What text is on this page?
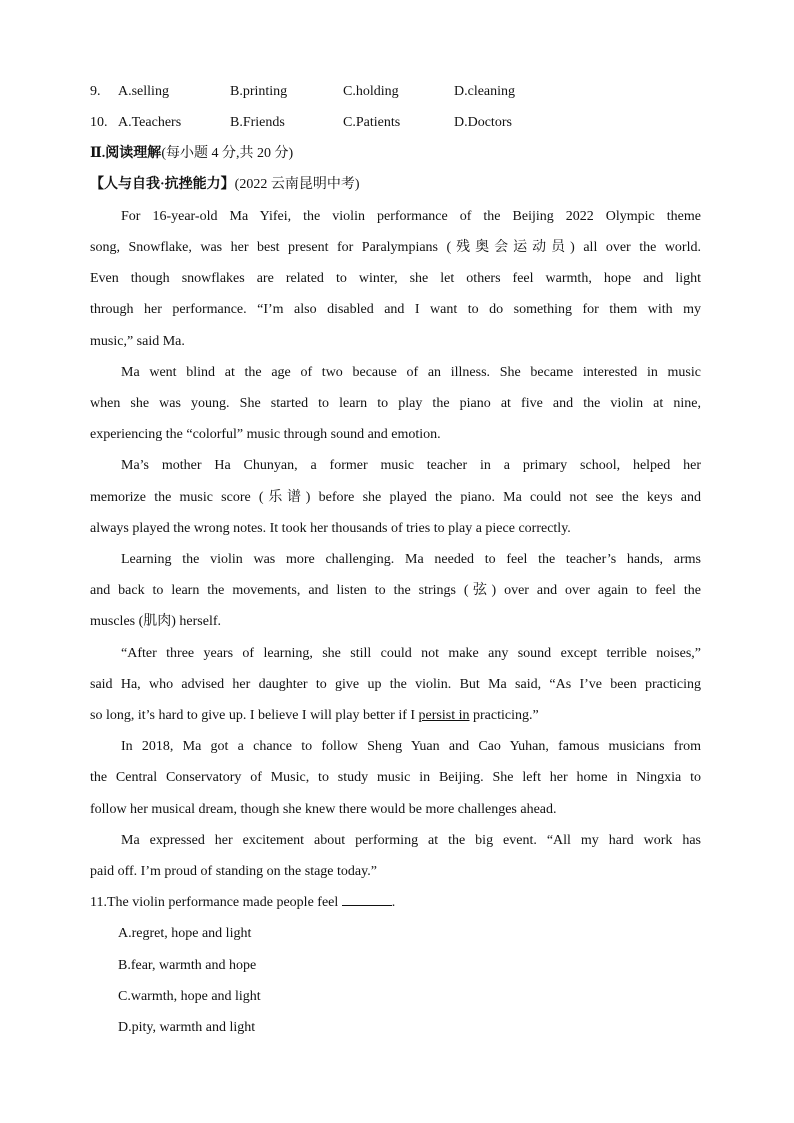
9. A.selling	B.printing	C.holding	D.cleaning
10. A.Teachers	B.Friends	C.Patients	D.Doctors
Ⅱ.阅读理解(每小题 4 分,共 20 分)
【人与自我·抗挫能力】(2022 云南昆明中考)
For 16-year-old Ma Yifei, the violin performance of the Beijing 2022 Olympic theme
song, Snowflake, was her best present for Paralympians (残奥会运动员) all over the world.
Even though snowflakes are related to winter, she let others feel warmth, hope and light
through her performance. “I’m also disabled and I want to do something for them with my
music,” said Ma.
Ma went blind at the age of two because of an illness. She became interested in music
when she was young. She started to learn to play the piano at five and the violin at nine,
experiencing the “colorful” music through sound and emotion.
Ma’s mother Ha Chunyan, a former music teacher in a primary school, helped her
memorize the music score (乐谱) before she played the piano. Ma could not see the keys and
always played the wrong notes. It took her thousands of tries to play a piece correctly.
Learning the violin was more challenging. Ma needed to feel the teacher’s hands, arms
and back to learn the movements, and listen to the strings (弦) over and over again to feel the
muscles (肌肉) herself.
“After three years of learning, she still could not make any sound except terrible noises,”
said Ha, who advised her daughter to give up the violin. But Ma said, “As I’ve been practicing
so long, it’s hard to give up. I believe I will play better if I persist in practicing.”
In 2018, Ma got a chance to follow Sheng Yuan and Cao Yuhan, famous musicians from
the Central Conservatory of Music, to study music in Beijing. She left her home in Ningxia to
follow her musical dream, though she knew there would be more challenges ahead.
Ma expressed her excitement about performing at the big event. “All my hard work has
paid off. I’m proud of standing on the stage today.”
11.The violin performance made people feel	.
A.regret, hope and light
B.fear, warmth and hope
C.warmth, hope and light
D.pity, warmth and light
